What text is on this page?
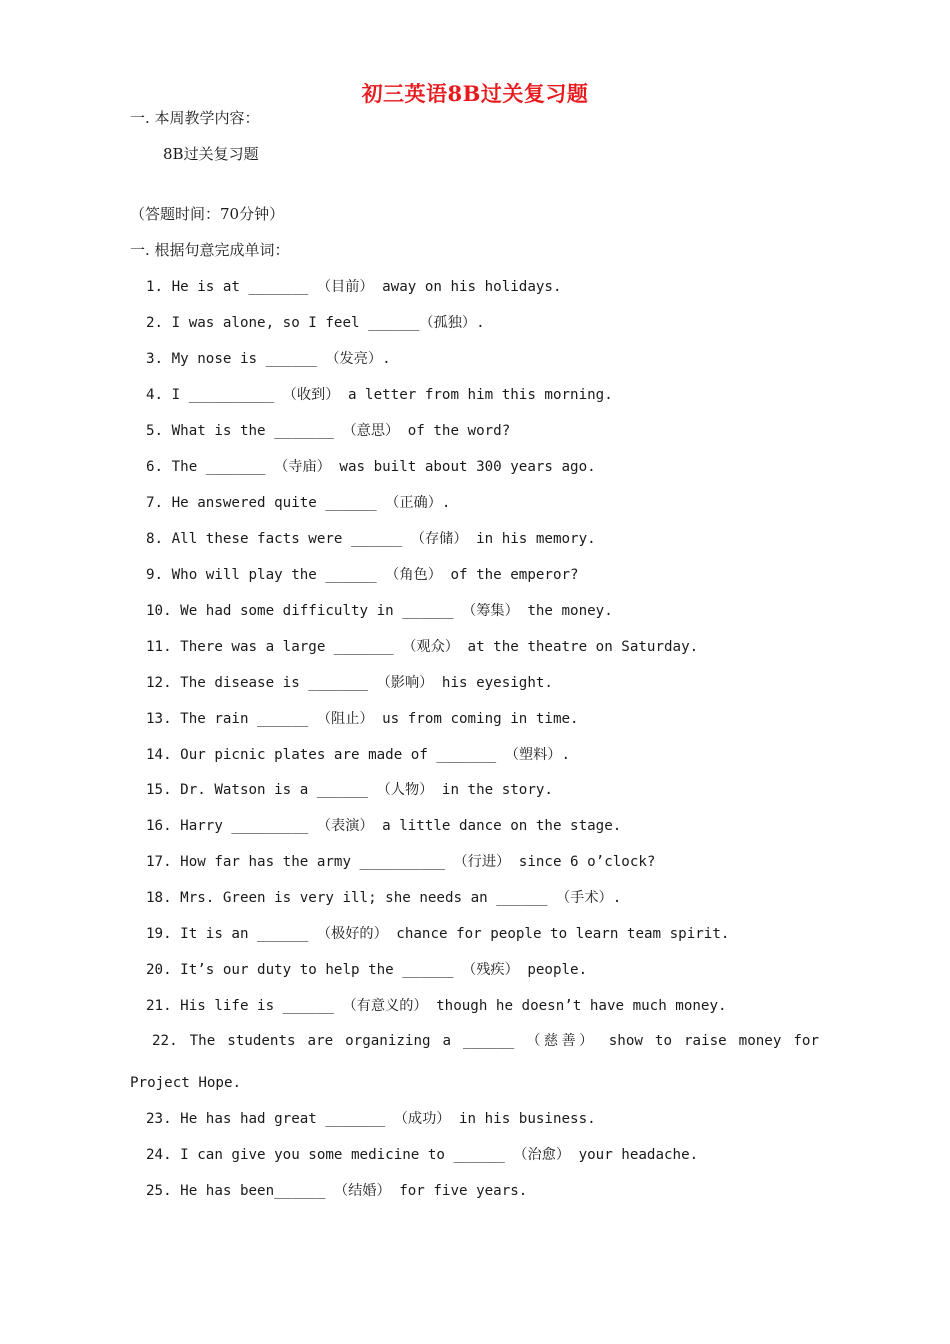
初三英语8B过关复习题
一. 本周教学内容：
8B过关复习题
（答题时间：70分钟）
一. 根据句意完成单词：
1. He is at _______ （目前） away on his holidays.
2. I was alone, so I feel ______（孤独）.
3. My nose is ______ （发亮）.
4. I __________ （收到） a letter from him this morning.
5. What is the _______ （意思） of the word?
6. The _______ （寺庙） was built about 300 years ago.
7. He answered quite ______ （正确）.
8. All these facts were ______ （存储） in his memory.
9. Who will play the ______ （角色） of the emperor?
10. We had some difficulty in ______ （筹集） the money.
11. There was a large _______ （观众） at the theatre on Saturday.
12. The disease is _______ （影响） his eyesight.
13. The rain ______ （阻止） us from coming in time.
14. Our picnic plates are made of _______ （塑料）.
15. Dr. Watson is a ______ （人物） in the story.
16. Harry _________ （表演） a little dance on the stage.
17. How far has the army __________ （行进） since 6 o’clock?
18. Mrs. Green is very ill; she needs an ______ （手术）.
19. It is an ______ （极好的） chance for people to learn team spirit.
20. It’s our duty to help the ______ （残疾） people.
21. His life is ______ （有意义的） though he doesn’t have much money.
22. The students are organizing a ______ （慈善） show to raise money for
Project Hope.
23. He has had great _______ （成功） in his business.
24. I can give you some medicine to ______ （治愈） your headache.
25. He has been______ （结婚） for five years.
